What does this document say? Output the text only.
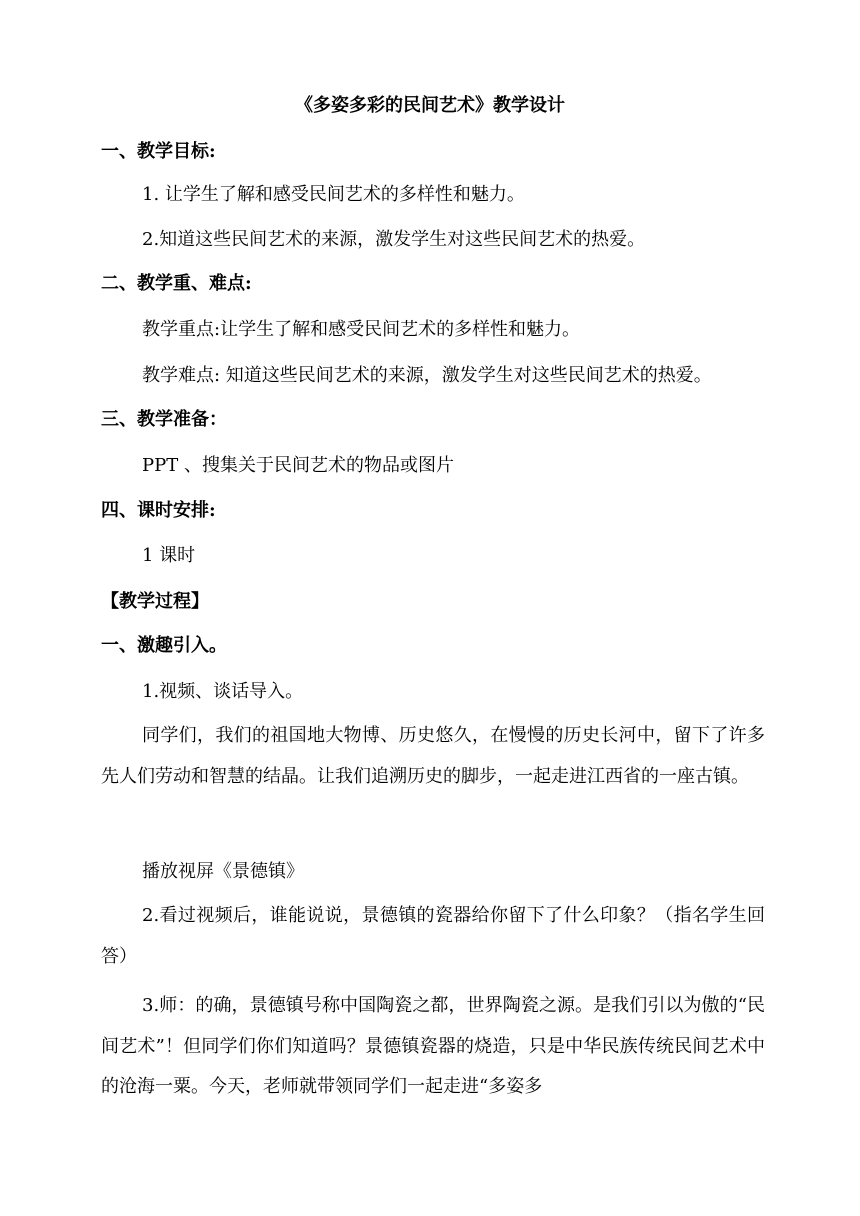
《多姿多彩的民间艺术》教学设计
一、教学目标:
1. 让学生了解和感受民间艺术的多样性和魅力。
2.知道这些民间艺术的来源，激发学生对这些民间艺术的热爱。
二、教学重、难点:
教学重点:让学生了解和感受民间艺术的多样性和魅力。
教学难点: 知道这些民间艺术的来源，激发学生对这些民间艺术的热爱。
三、教学准备：
PPT 、搜集关于民间艺术的物品或图片
四、课时安排:
1 课时
【教学过程】
一、激趣引入。
1.视频、谈话导入。
同学们，我们的祖国地大物博、历史悠久，在慢慢的历史长河中，留下了许多先人们劳动和智慧的结晶。让我们追溯历史的脚步，一起走进江西省的一座古镇。
播放视屏《景德镇》
2.看过视频后，谁能说说，景德镇的瓷器给你留下了什么印象？（指名学生回答）
3.师：的确，景德镇号称中国陶瓷之都，世界陶瓷之源。是我们引以为傲的“民间艺术”！但同学们你们知道吗？景德镇瓷器的烧造，只是中华民族传统民间艺术中的沧海一粟。今天，老师就带领同学们一起走进“多姿多
